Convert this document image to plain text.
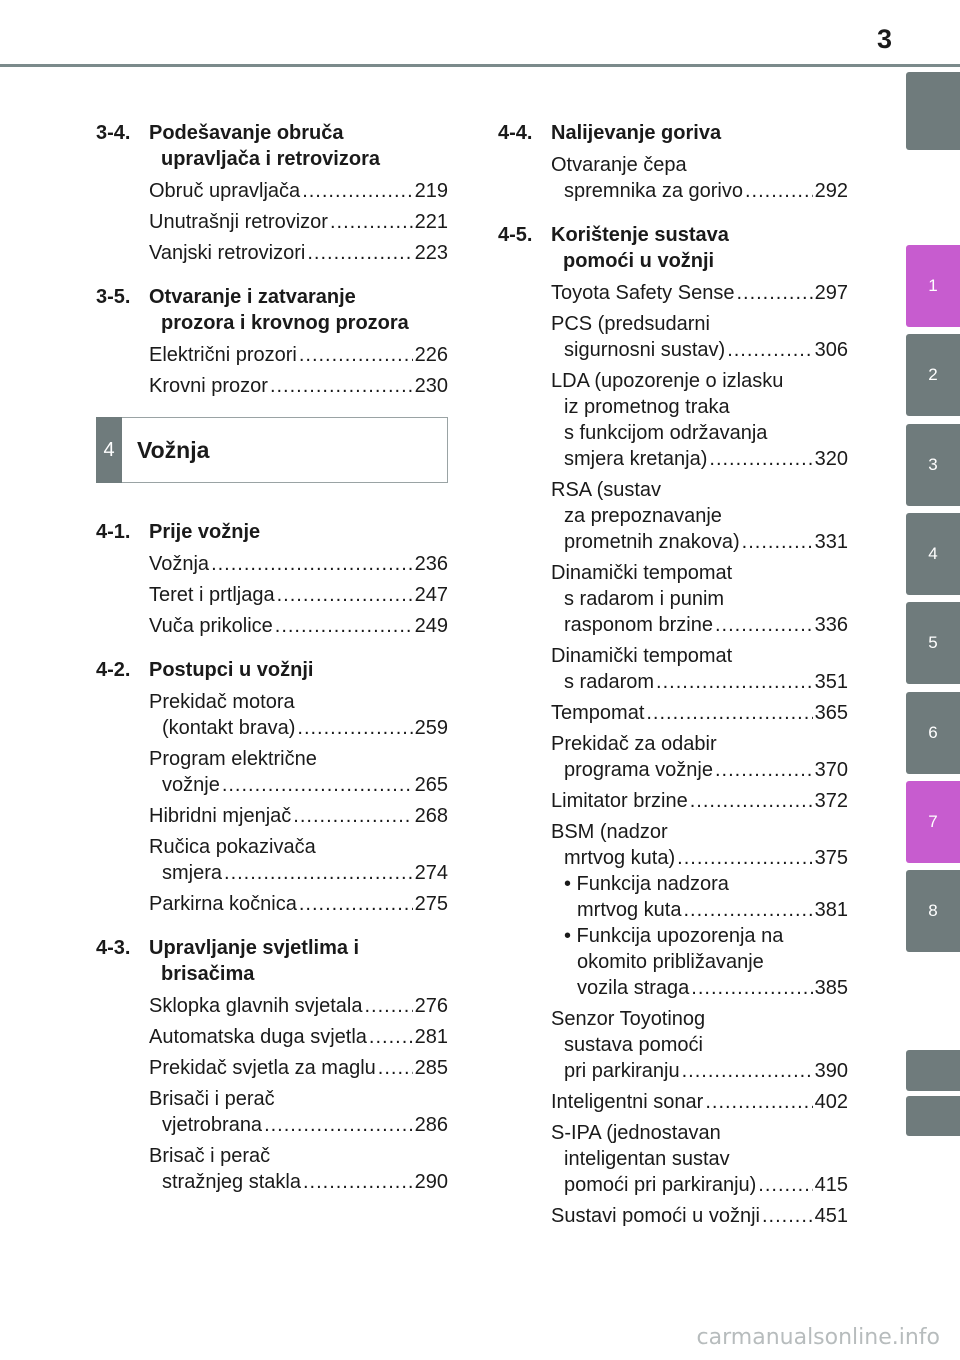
3
1
2
3
4
5
6
7
8
3-4. Podešavanje obruča
upravljača i retrovizora
Obruč upravljača .....	219
Unutrašnji retrovizor .....	221
Vanjski retrovizori .....	223
3-5. Otvaranje i zatvaranje
prozora i krovnog prozora
Električni prozori .....	226
Krovni prozor .....	230
4 Vožnja
4-1. Prije vožnje
Vožnja .....	236
Teret i prtljaga .....	247
Vuča prikolice .....	249
4-2. Postupci u vožnji
Prekidač motora
(kontakt brava) .....	259
Program električne
vožnje .....	265
Hibridni mjenjač .....	268
Ručica pokazivača
smjera .....	274
Parkirna kočnica .....	275
4-3. Upravljanje svjetlima i
brisačima
Sklopka glavnih svjetala .....	276
Automatska duga svjetla ..... 281
Prekidač svjetla za maglu ..... 285
Brisači i perač
vjetrobrana .....	286
Brisač i perač
stražnjeg stakla .....	290
4-4. Nalijevanje goriva
Otvaranje čepa
spremnika za gorivo .....	292
4-5. Korištenje sustava
pomoći u vožnji
Toyota Safety Sense .....	297
PCS (predsudarni
sigurnosni sustav) .....	306
LDA (upozorenje o izlasku
iz prometnog traka
s funkcijom održavanja
smjera kretanja) .....	320
RSA (sustav
za prepoznavanje
prometnih znakova) .....	331
Dinamički tempomat
s radarom i punim
rasponom brzine .....	336
Dinamički tempomat
s radarom .....	351
Tempomat .....	365
Prekidač za odabir
programa vožnje .....	370
Limitator brzine .....	372
BSM (nadzor
mrtvog kuta) .....	375
• Funkcija nadzora
mrtvog kuta .....	381
• Funkcija upozorenja na
okomito približavanje
vozila straga .....	385
Senzor Toyotinog
sustava pomoći
pri parkiranju .....	390
Inteligentni sonar .....	402
S-IPA (jednostavan
inteligentan sustav
pomoći pri parkiranju) .....	415
Sustavi pomoći u vožnji .....	451
carmanualsonline.info
